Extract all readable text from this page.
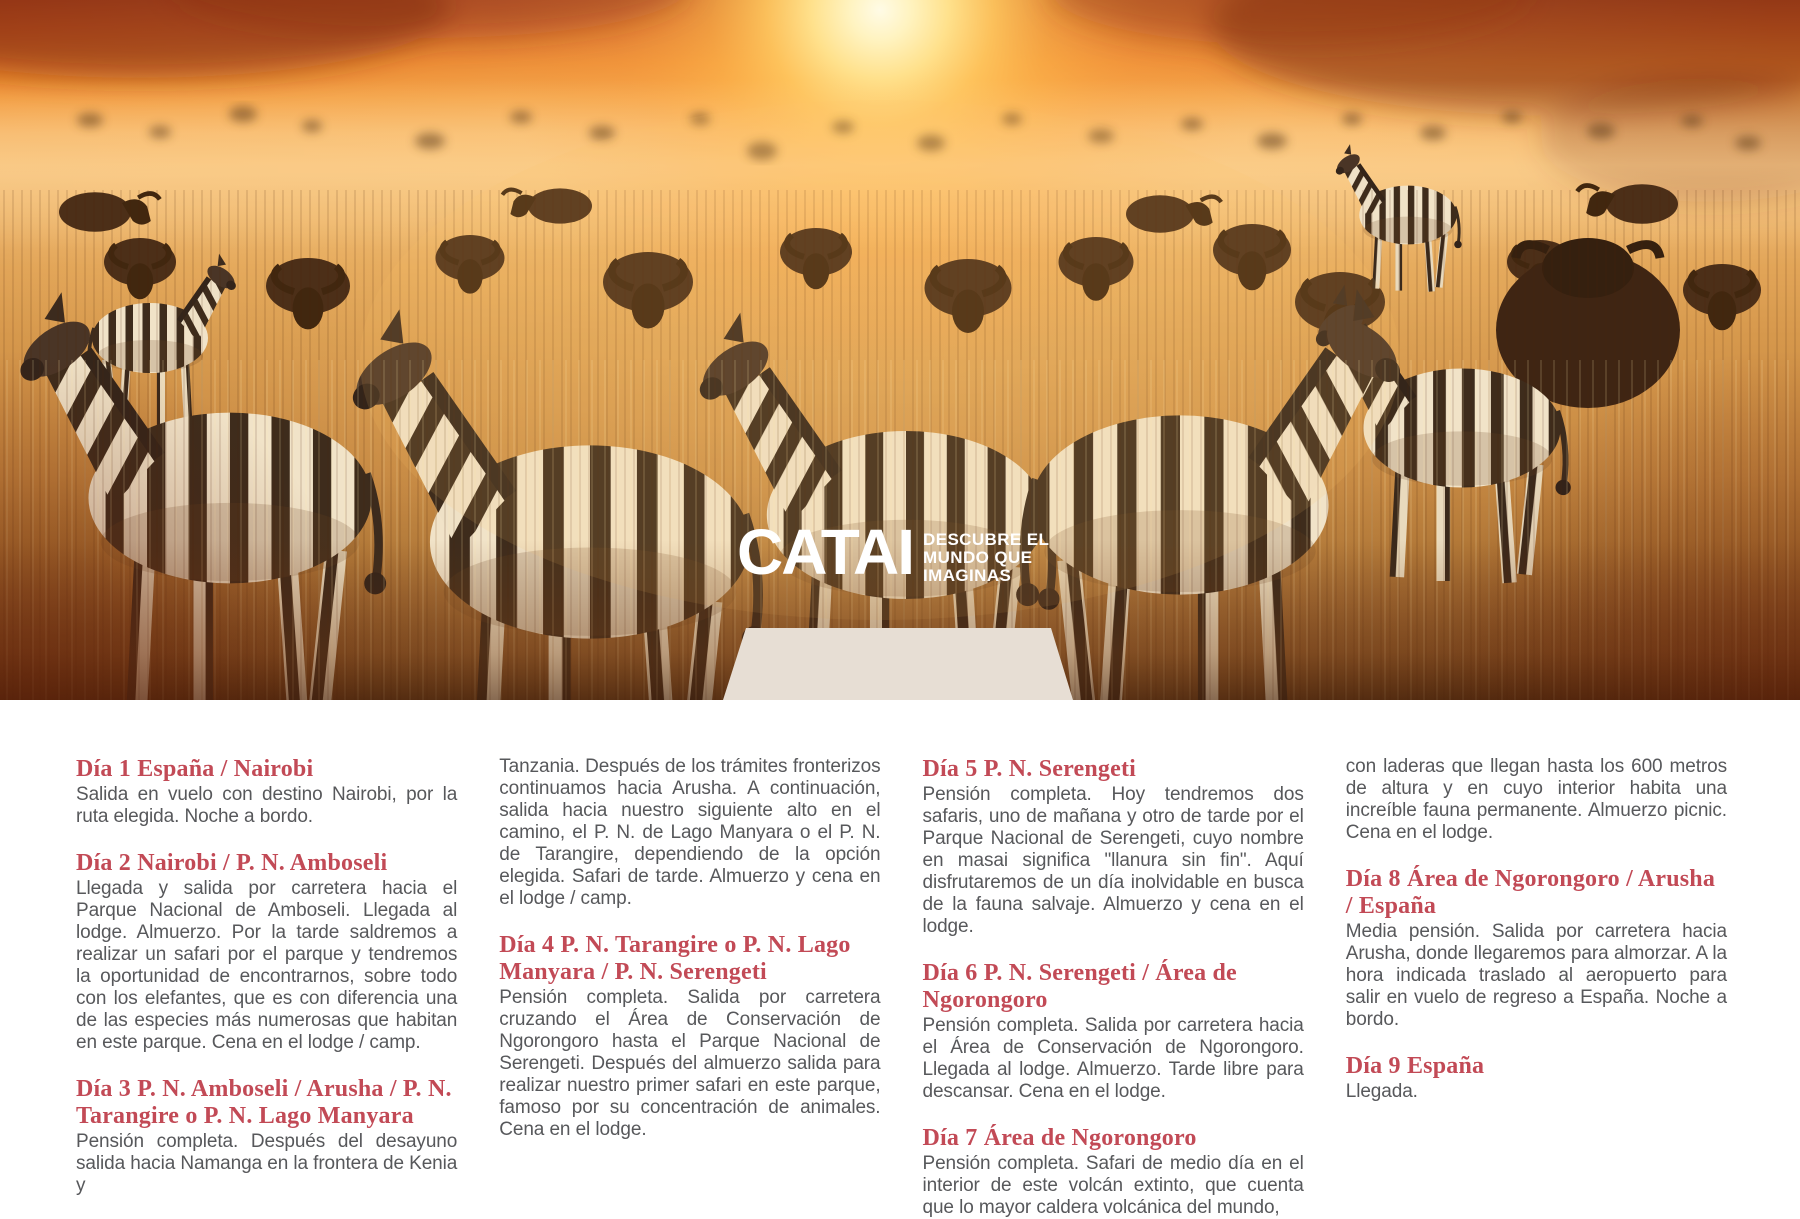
CATAI DESCUBRE EL
MUNDO QUE
IMAGINAS
Día 1 España / Nairobi

Salida en vuelo con destino Nairobi, por la ruta elegida. Noche a bordo.

Día 2 Nairobi / P. N. Amboseli

Llegada y salida por carretera hacia el Parque Nacional de Amboseli. Llegada al lodge. Almuerzo. Por la tarde saldremos a realizar un safari por el parque y tendremos la oportunidad de encontrarnos, sobre todo con los elefantes, que es con diferencia una de las especies más numerosas que habitan en este parque. Cena en el lodge / camp.

Día 3 P. N. Amboseli / Arusha / P. N. Tarangire o P. N. Lago Manyara

Pensión completa. Después del desayuno salida hacia Namanga en la frontera de Kenia y

Tanzania. Después de los trámites fronterizos continuamos hacia Arusha. A continuación, salida hacia nuestro siguiente alto en el camino, el P. N. de Lago Manyara o el P. N. de Tarangire, dependiendo de la opción elegida. Safari de tarde. Almuerzo y cena en el lodge / camp.

Día 4 P. N. Tarangire o P. N. Lago Manyara / P. N. Serengeti

Pensión completa. Salida por carretera cruzando el Área de Conservación de Ngorongoro hasta el Parque Nacional de Serengeti. Después del almuerzo salida para realizar nuestro primer safari en este parque, famoso por su concentración de animales. Cena en el lodge.

Día 5 P. N. Serengeti

Pensión completa. Hoy tendremos dos safaris, uno de mañana y otro de tarde por el Parque Nacional de Serengeti, cuyo nombre en masai significa "llanura sin fin". Aquí disfrutaremos de un día inolvidable en busca de la fauna salvaje. Almuerzo y cena en el lodge.

Día 6 P. N. Serengeti / Área de Ngorongoro

Pensión completa. Salida por carretera hacia el Área de Conservación de Ngorongoro. Llegada al lodge. Almuerzo. Tarde libre para descansar. Cena en el lodge.

Día 7 Área de Ngorongoro

Pensión completa. Safari de medio día en el interior de este volcán extinto, que cuenta que lo mayor caldera volcánica del mundo,

con laderas que llegan hasta los 600 metros de altura y en cuyo interior habita una increíble fauna permanente. Almuerzo picnic. Cena en el lodge.

Día 8 Área de Ngorongoro / Arusha / España

Media pensión. Salida por carretera hacia Arusha, donde llegaremos para almorzar. A la hora indicada traslado al aeropuerto para salir en vuelo de regreso a España. Noche a bordo.

Día 9 España

Llegada.
